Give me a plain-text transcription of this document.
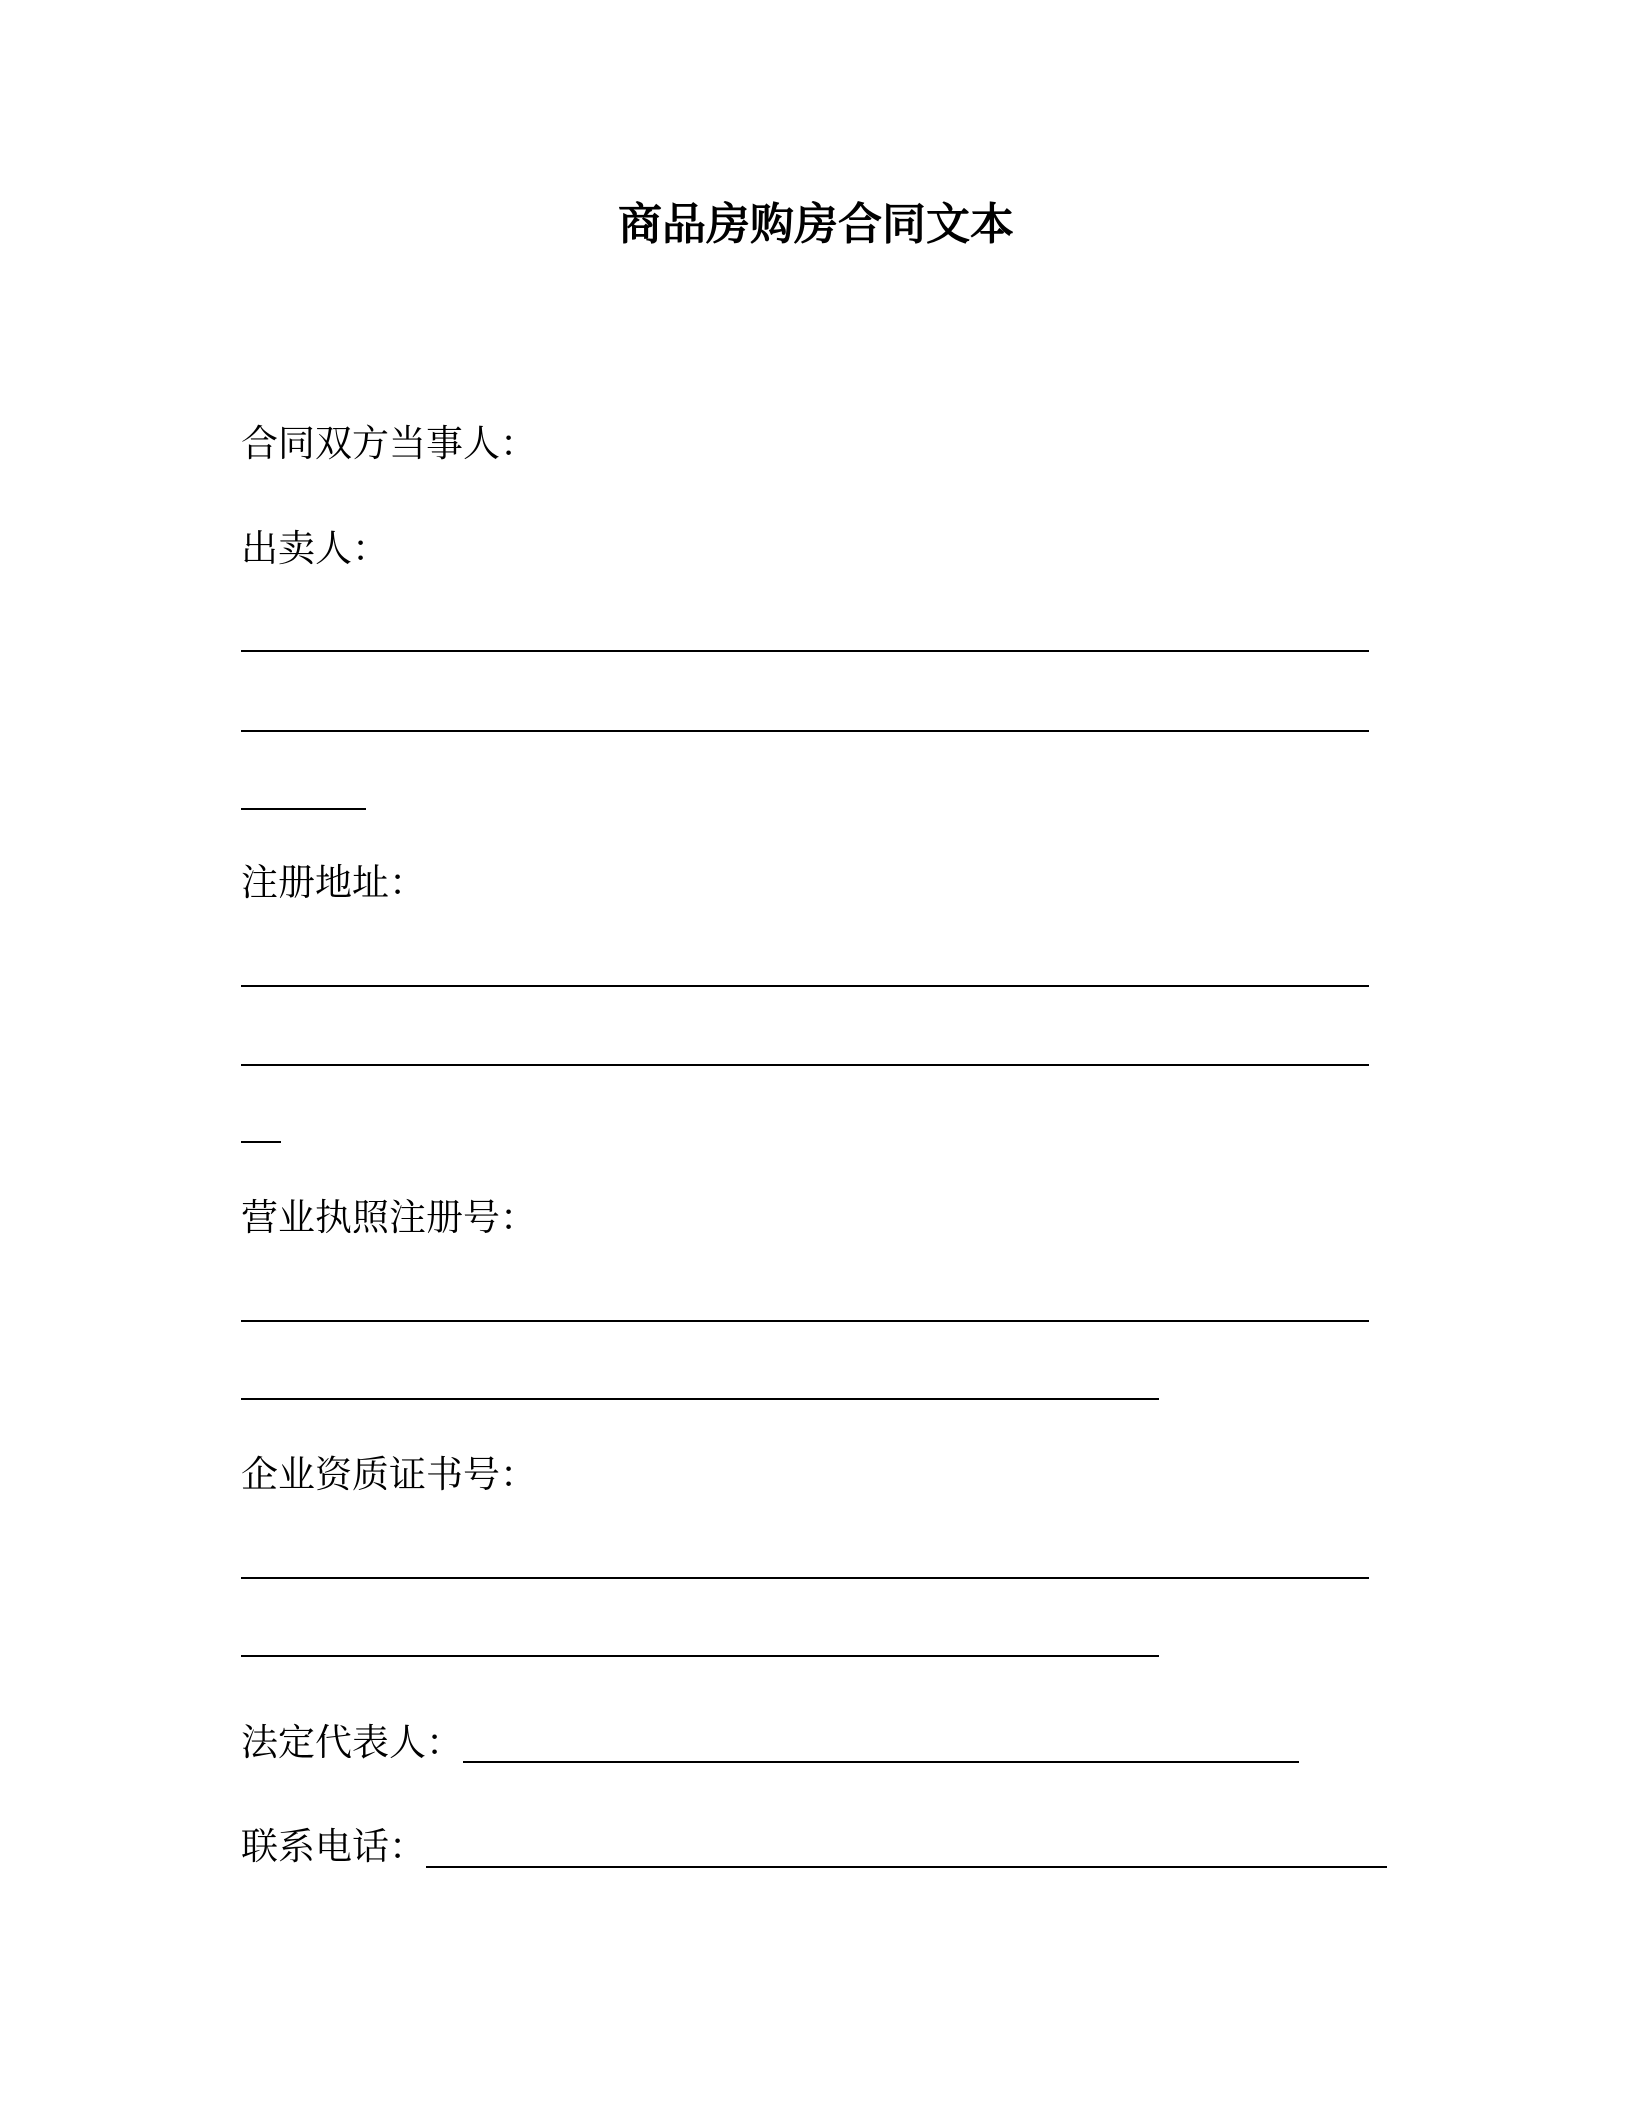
商品房购房合同文本
合同双方当事人：
出卖人：
注册地址：
营业执照注册号：
企业资质证书号：
法定代表人：
联系电话：
